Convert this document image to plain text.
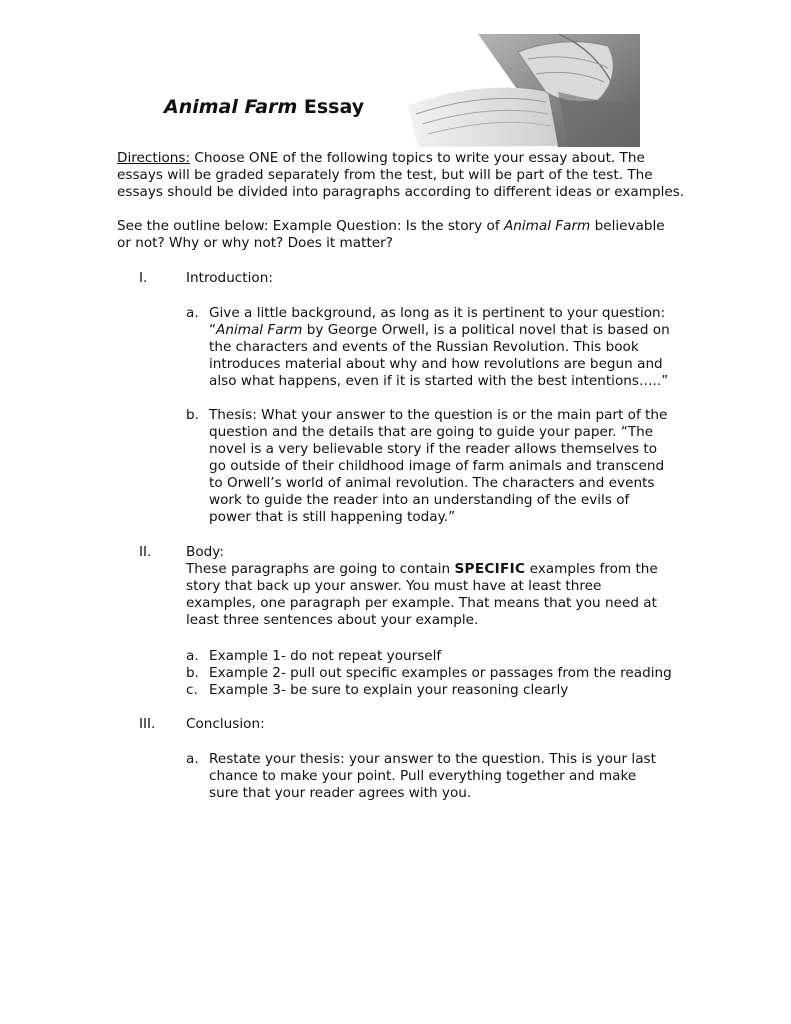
Animal Farm Essay

Directions: Choose ONE of the following topics to write your essay about. The essays will be graded separately from the test, but will be part of the test. The essays should be divided into paragraphs according to different ideas or examples.

See the outline below: Example Question: Is the story of Animal Farm believable or not? Why or why not? Does it matter?

I.	Introduction:

a. Give a little background, as long as it is pertinent to your question: “Animal Farm by George Orwell, is a political novel that is based on the characters and events of the Russian Revolution. This book introduces material about why and how revolutions are begun and also what happens, even if it is started with the best intentions…..”

b. Thesis: What your answer to the question is or the main part of the question and the details that are going to guide your paper. “The novel is a very believable story if the reader allows themselves to go outside of their childhood image of farm animals and transcend to Orwell’s world of animal revolution. The characters and events work to guide the reader into an understanding of the evils of power that is still happening today.”

II.	Body:

These paragraphs are going to contain SPECIFIC examples from the story that back up your answer. You must have at least three examples, one paragraph per example. That means that you need at least three sentences about your example.

a. Example 1- do not repeat yourself

b. Example 2- pull out specific examples or passages from the reading

c. Example 3- be sure to explain your reasoning clearly

III. Conclusion:

a. Restate your thesis: your answer to the question. This is your last chance to make your point. Pull everything together and make sure that your reader agrees with you.
